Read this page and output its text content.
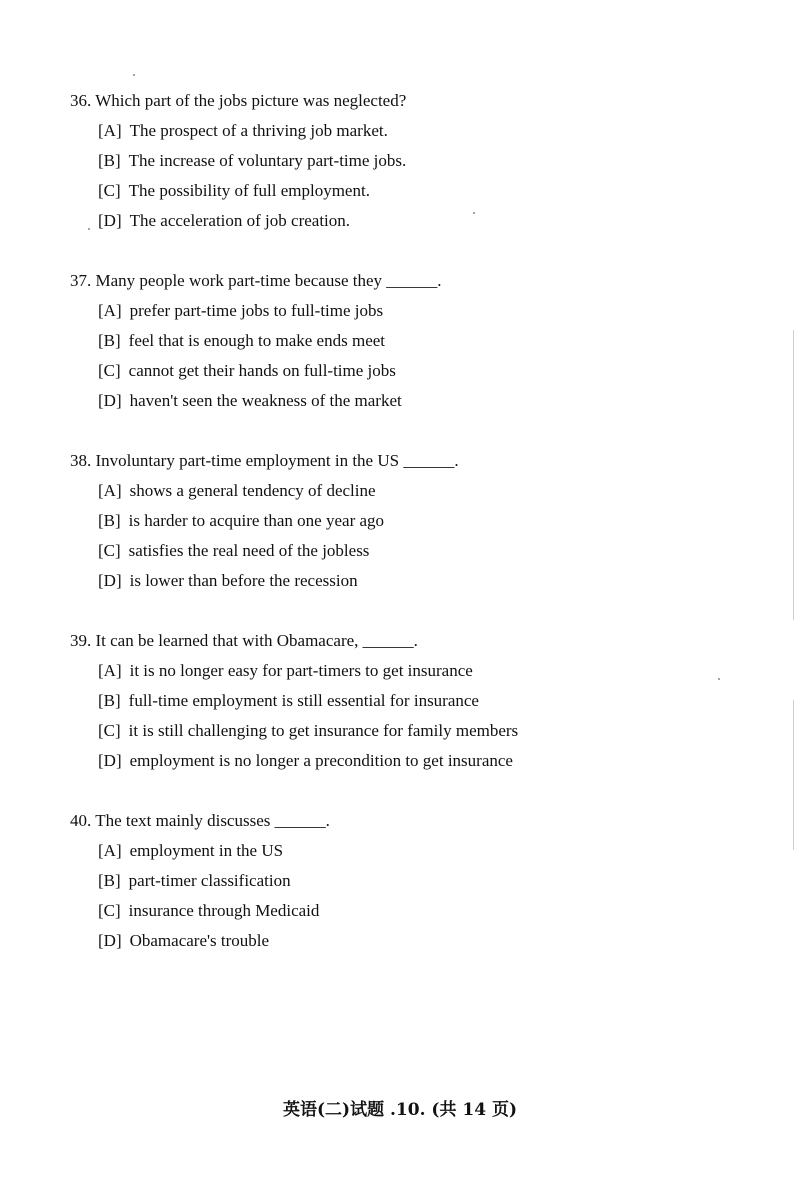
36. Which part of the jobs picture was neglected?
[A] The prospect of a thriving job market.
[B] The increase of voluntary part-time jobs.
[C] The possibility of full employment.
[D] The acceleration of job creation.
37. Many people work part-time because they ______.
[A] prefer part-time jobs to full-time jobs
[B] feel that is enough to make ends meet
[C] cannot get their hands on full-time jobs
[D] haven't seen the weakness of the market
38. Involuntary part-time employment in the US ______.
[A] shows a general tendency of decline
[B] is harder to acquire than one year ago
[C] satisfies the real need of the jobless
[D] is lower than before the recession
39. It can be learned that with Obamacare, ______.
[A] it is no longer easy for part-timers to get insurance
[B] full-time employment is still essential for insurance
[C] it is still challenging to get insurance for family members
[D] employment is no longer a precondition to get insurance
40. The text mainly discusses ______.
[A] employment in the US
[B] part-timer classification
[C] insurance through Medicaid
[D] Obamacare's trouble
英语(二)试题 .10. (共 14 页)
